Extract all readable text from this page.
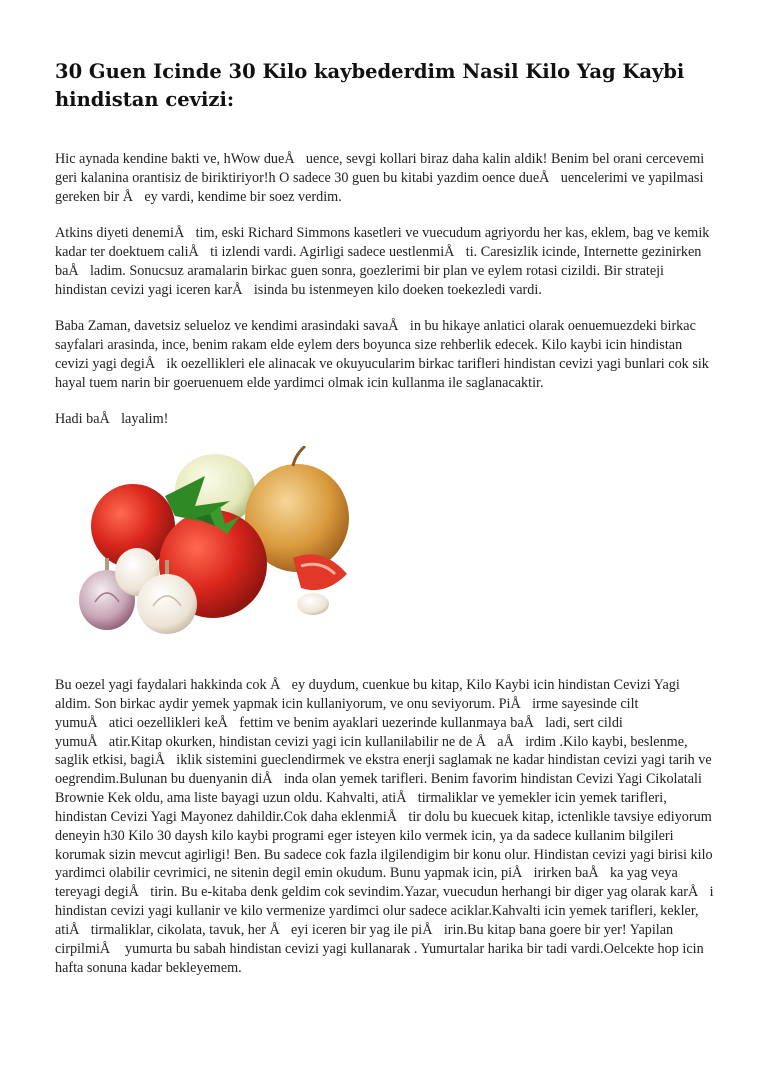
30 Guen Icinde 30 Kilo kaybederdim Nasil Kilo Yag Kaybi hindistan cevizi:

Hic aynada kendine bakti ve, hWow dueÅuence, sevgi kollari biraz daha kalin aldik! Benim bel orani cercevemi geri kalanina orantisiz de biriktiriyor!h O sadece 30 guen bu kitabi yazdim oence dueÅuencelerimi ve yapilmasi gereken bir Åey vardi, kendime bir soez verdim.

Atkins diyeti denemiÅtim, eski Richard Simmons kasetleri ve vuecudum agriyordu her kas, eklem, bag ve kemik kadar ter doektuem caliÅti izlendi vardi. Agirligi sadece uestlenmiÅti. Caresizlik icinde, Internette gezinirken baÅladim. Sonucsuz aramalarin birkac guen sonra, goezlerimi bir plan ve eylem rotasi cizildi. Bir strateji hindistan cevizi yagi iceren karÅisinda bu istenmeyen kilo doeken toekezledi vardi.

Baba Zaman, davetsiz selueloz ve kendimi arasindaki savaÅin bu hikaye anlatici olarak oenuemuezdeki birkac sayfalari arasinda, ince, benim rakam elde eylem ders boyunca size rehberlik edecek. Kilo kaybi icin hindistan cevizi yagi degiÅik oezellikleri ele alinacak ve okuyucularim birkac tarifleri hindistan cevizi yagi bunlari cok sik hayal tuem narin bir goeruenuem elde yardimci olmak icin kullanma ile saglanacaktir.

Hadi baÅlayalim!

Bu oezel yagi faydalari hakkinda cok Åey duydum, cuenkue bu kitap, Kilo Kaybi icin hindistan Cevizi Yagi aldim. Son birkac aydir yemek yapmak icin kullaniyorum, ve onu seviyorum. PiÅirme sayesinde cilt yumuÅatici oezellikleri keÅfettim ve benim ayaklari uezerinde kullanmaya baÅladi, sert cildi yumuÅatir.Kitap okurken, hindistan cevizi yagi icin kullanilabilir ne de ÅaÅirdim .Kilo kaybi, beslenme, saglik etkisi, bagiÅiklik sistemini gueclendirmek ve ekstra enerji saglamak ne kadar hindistan cevizi yagi tarih ve oegrendim.Bulunan bu duenyanin diÅinda olan yemek tarifleri. Benim favorim hindistan Cevizi Yagi Cikolatali Brownie Kek oldu, ama liste bayagi uzun oldu. Kahvalti, atiÅtirmaliklar ve yemekler icin yemek tarifleri, hindistan Cevizi Yagi Mayonez dahildir.Cok daha eklenmiÅtir dolu bu kuecuek kitap, ictenlikle tavsiye ediyorum deneyin h30 Kilo 30 daysh kilo kaybi programi eger isteyen kilo vermek icin, ya da sadece kullanim bilgileri korumak sizin mevcut agirligi! Ben. Bu sadece cok fazla ilgilendigim bir konu olur. Hindistan cevizi yagi birisi kilo yardimci olabilir cevrimici, ne sitenin degil emin okudum. Bunu yapmak icin, piÅirirken baÅka yag veya tereyagi degiÅtirin. Bu e-kitaba denk geldim cok sevindim.Yazar, vuecudun herhangi bir diger yag olarak karÅi hindistan cevizi yagi kullanir ve kilo vermenize yardimci olur sadece aciklar.Kahvalti icin yemek tarifleri, kekler, atiÅtirmaliklar, cikolata, tavuk, her Åeyi iceren bir yag ile piÅirin.Bu kitap bana goere bir yer! Yapilan cirpilmiÅ yumurta bu sabah hindistan cevizi yagi kullanarak . Yumurtalar harika bir tadi vardi.Oelcekte hop icin hafta sonuna kadar bekleyemem.
